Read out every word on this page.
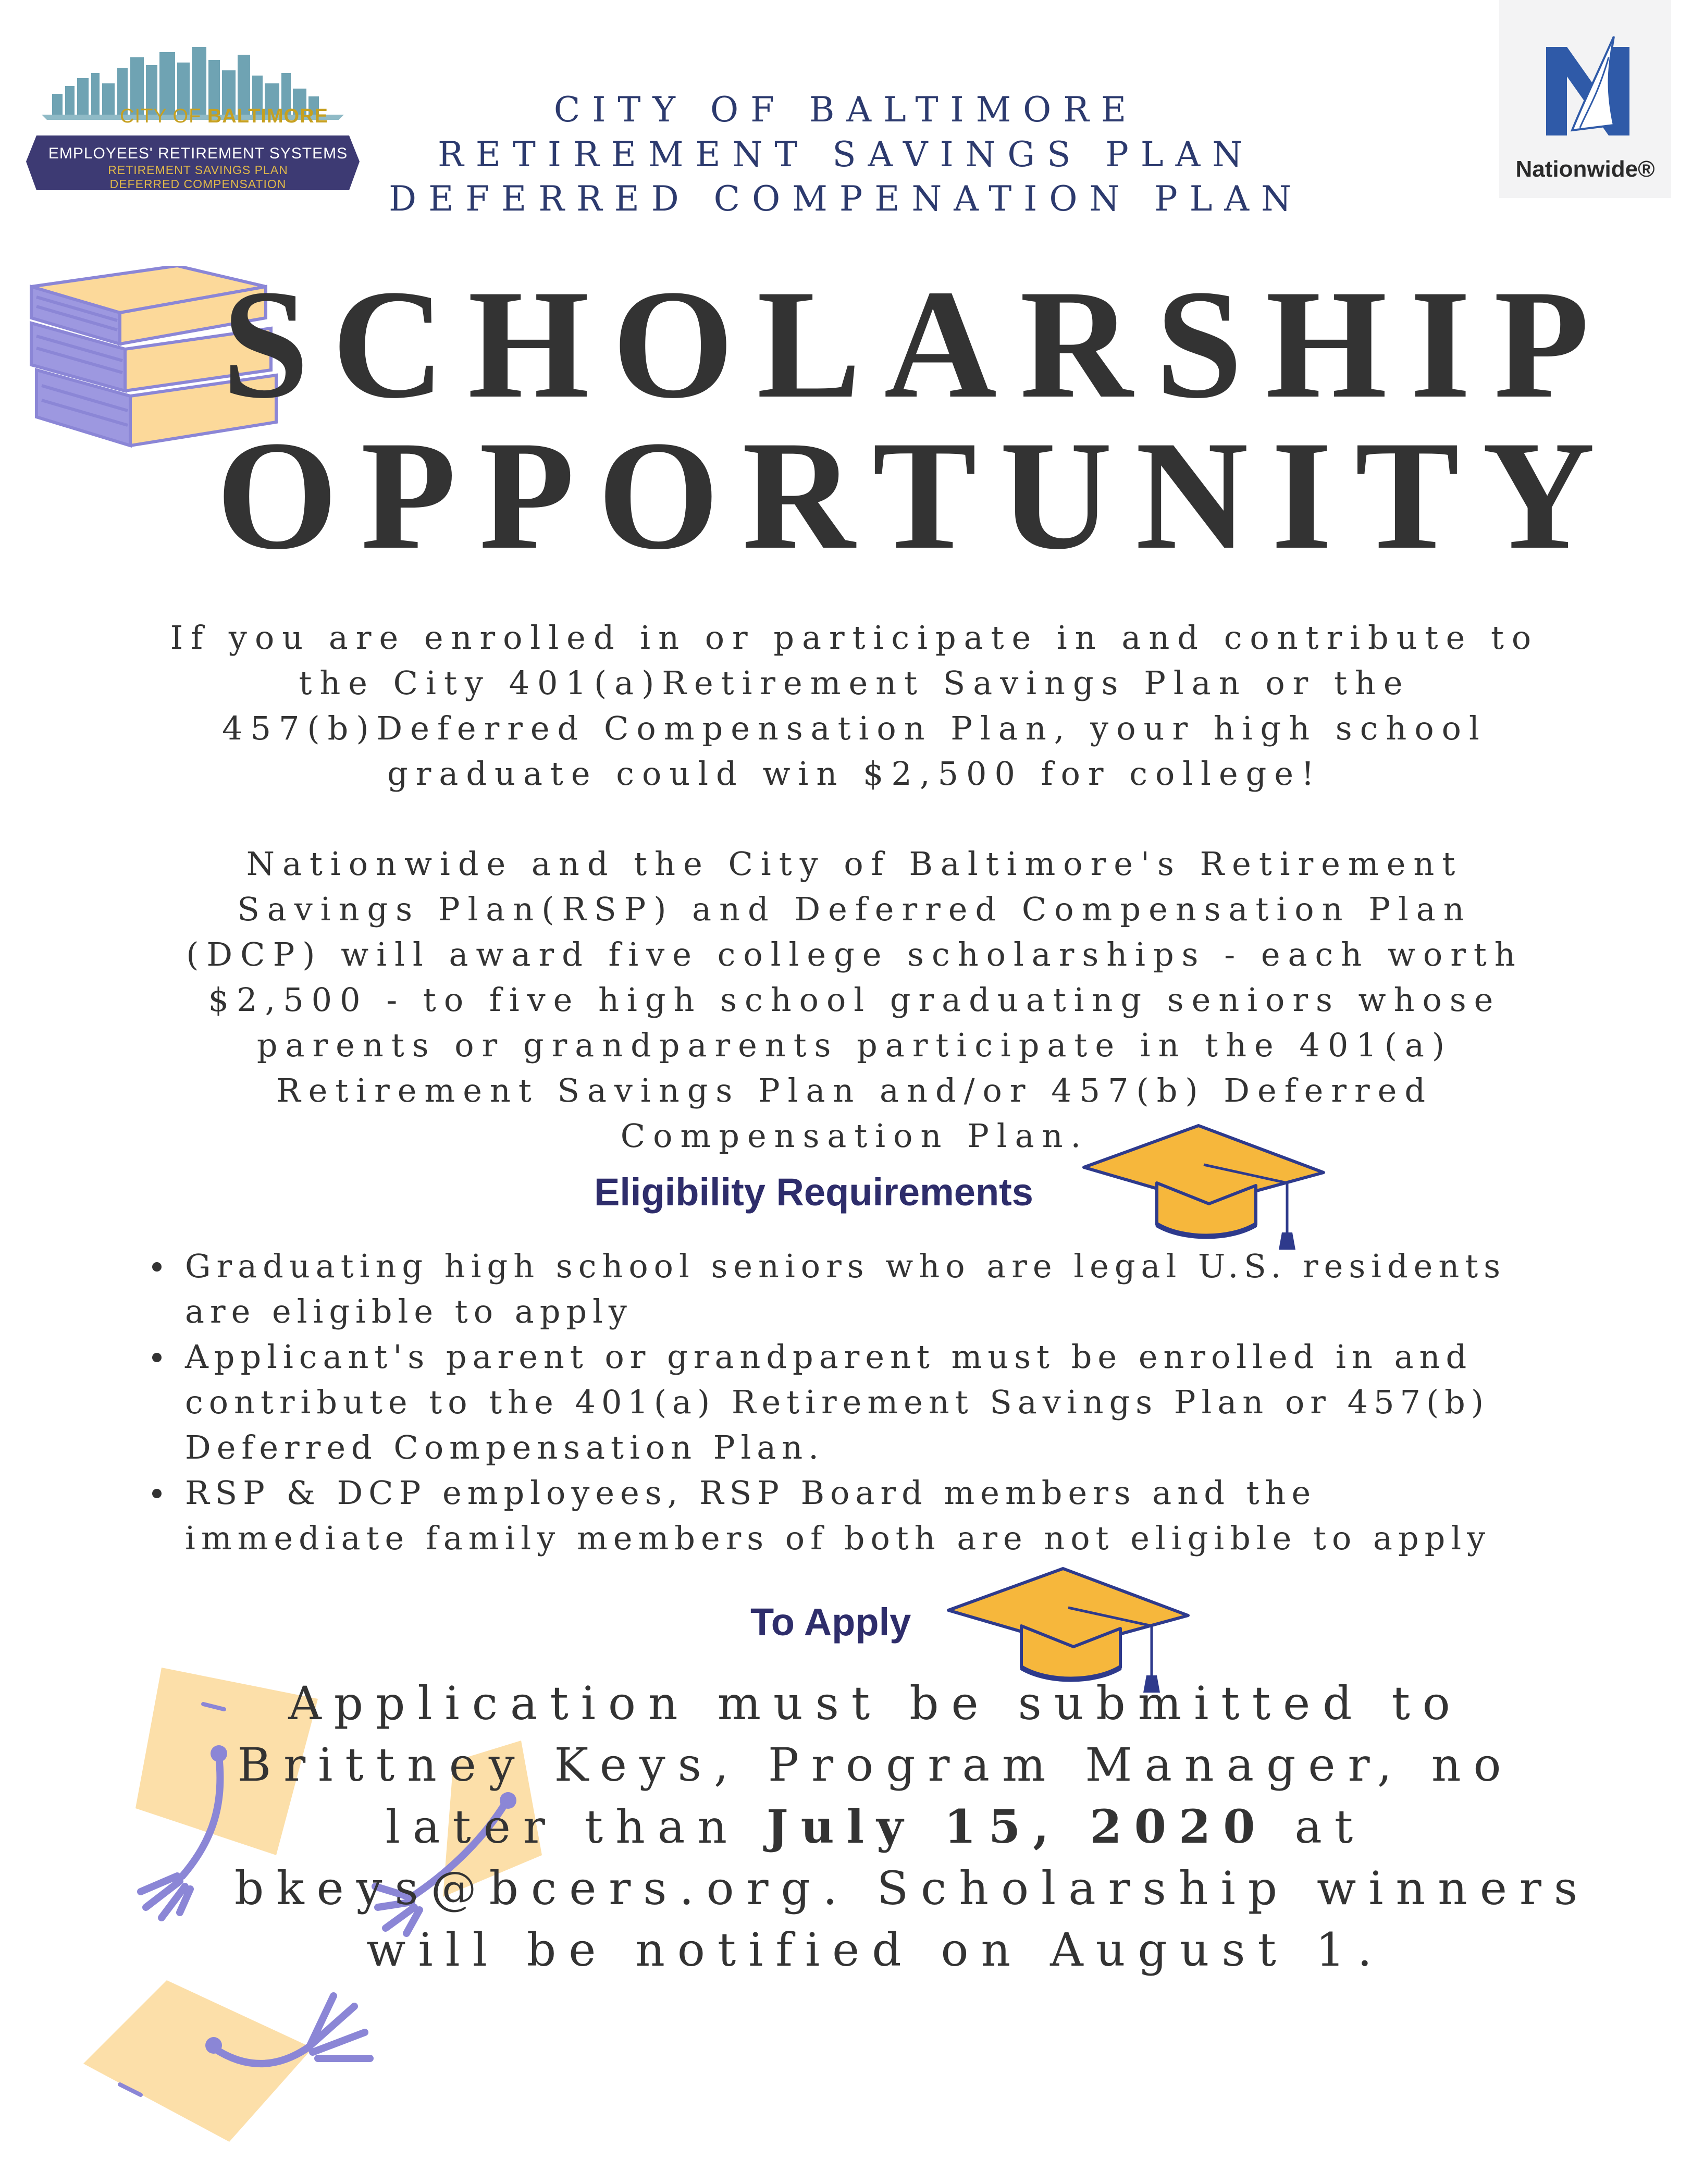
CITY OF BALTIMORE
EMPLOYEES' RETIREMENT SYSTEMS
RETIREMENT SAVINGS PLAN
DEFERRED COMPENSATION
Nationwide®
CITY OF BALTIMORE
RETIREMENT SAVINGS PLAN
DEFERRED COMPENATION PLAN
SCHOLARSHIP
OPPORTUNITY
If you are enrolled in or participate in and contribute to
the City 401(a)Retirement Savings Plan or the
457(b)Deferred Compensation Plan, your high school
graduate could win $2,500 for college!
Nationwide and the City of Baltimore's Retirement
Savings Plan(RSP) and Deferred Compensation Plan
(DCP) will award five college scholarships - each worth
$2,500 - to five high school graduating seniors whose
parents or grandparents participate in the 401(a)
Retirement Savings Plan and/or 457(b) Deferred
Compensation Plan.
Eligibility Requirements
Graduating high school seniors who are legal U.S. residents
are eligible to apply
Applicant's parent or grandparent must be enrolled in and
contribute to the 401(a) Retirement Savings Plan or 457(b)
Deferred Compensation Plan.
RSP & DCP employees, RSP Board members and the
immediate family members of both are not eligible to apply
To Apply
Application must be submitted to
Brittney Keys, Program Manager, no
later than July 15, 2020 at
bkeys@bcers.org. Scholarship winners
will be notified on August 1.
